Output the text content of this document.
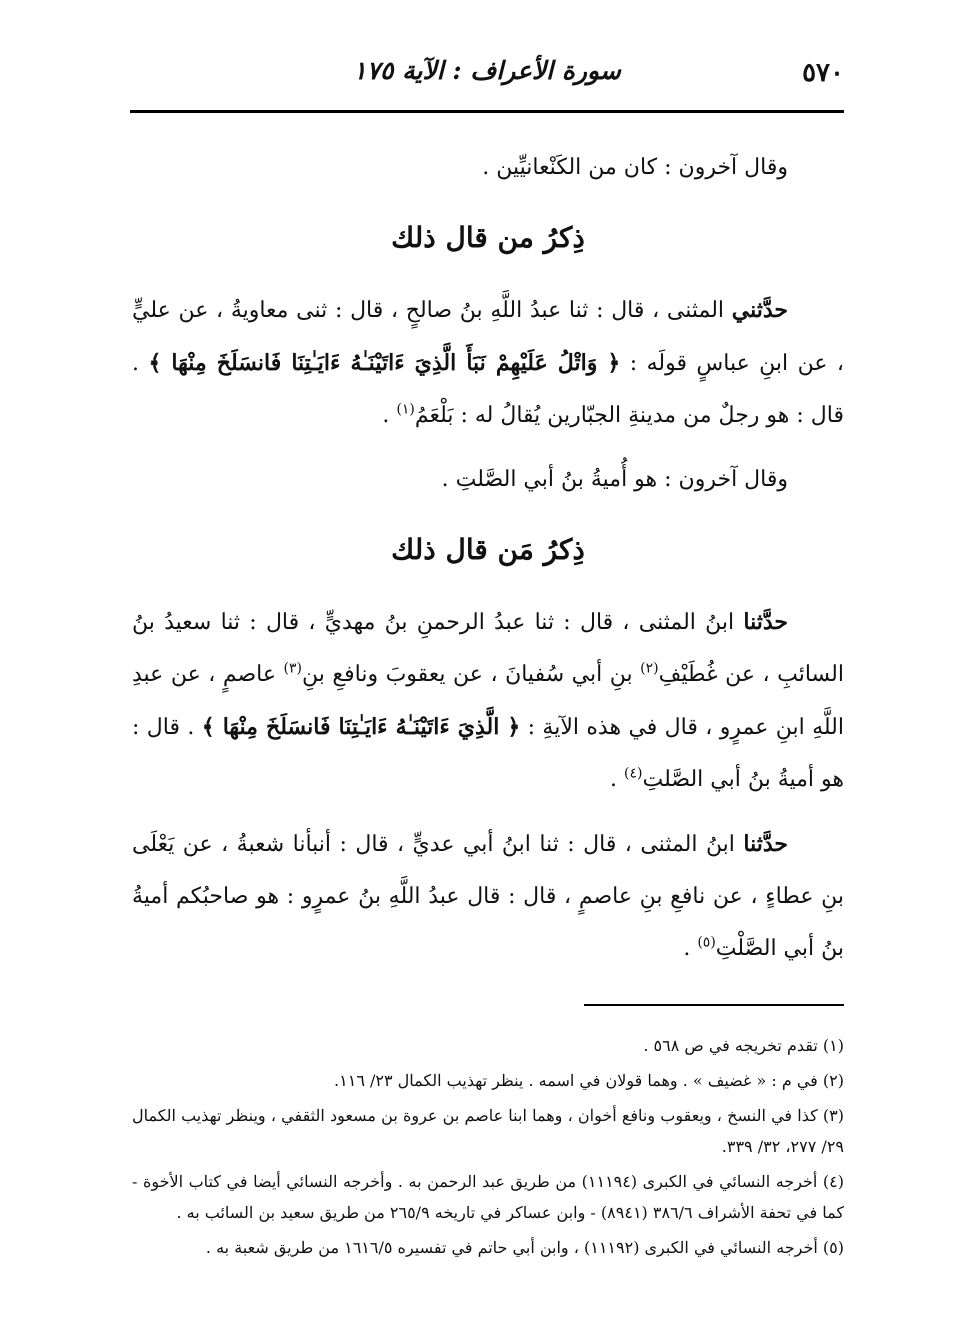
٥٧٠
سورة الأعراف : الآية ١٧٥

وقال آخرون : كان من الكَنْعانيِّين .

ذِكرُ من قال ذلك

حدَّثني المثنى ، قال : ثنا عبدُ اللَّهِ بنُ صالحٍ ، قال : ثنى معاويةُ ، عن عليٍّ ، عن ابنِ عباسٍ قولَه : ﴿ وَاتْلُ عَلَيْهِمْ نَبَأَ الَّذِيَ ءَاتَيْنَـٰهُ ءَايَـٰتِنَا فَانسَلَخَ مِنْهَا ﴾ . قال : هو رجلٌ من مدينةِ الجبّارين يُقالُ له : بَلْعَمُ$^{(١)}$ .

وقال آخرون : هو أُميةُ بنُ أبي الصَّلتِ .

ذِكرُ مَن قال ذلك

حدَّثنا ابنُ المثنى ، قال : ثنا عبدُ الرحمنِ بنُ مهديٍّ ، قال : ثنا سعيدُ بنُ السائبِ ، عن غُطَيْفِ$^{(٢)}$ بنِ أبي سُفيانَ ، عن يعقوبَ ونافعِ بنِ$^{(٣)}$ عاصمٍ ، عن عبدِ اللَّهِ ابنِ عمرٍو ، قال في هذه الآيةِ : ﴿ الَّذِيَ ءَاتَيْنَـٰهُ ءَايَـٰتِنَا فَانسَلَخَ مِنْهَا ﴾ . قال : هو أميةُ بنُ أبي الصَّلتِ$^{(٤)}$ .

حدَّثنا ابنُ المثنى ، قال : ثنا ابنُ أبي عديٍّ ، قال : أنبأنا شعبةُ ، عن يَعْلَى بنِ عطاءٍ ، عن نافعِ بنِ عاصمٍ ، قال : قال عبدُ اللَّهِ بنُ عمرٍو : هو صاحبُكم أميةُ بنُ أبي الصَّلْتِ$^{(٥)}$ .

(١) تقدم تخريجه في ص ٥٦٨ .

(٢) في م : « غضيف » . وهما قولان في اسمه . ينظر تهذيب الكمال ٢٣/ ١١٦.

(٣) كذا في النسخ ، ويعقوب ونافع أخوان ، وهما ابنا عاصم بن عروة بن مسعود الثقفي ، وينظر تهذيب الكمال ٢٩/ ٢٧٧، ٣٢/ ٣٣٩.

(٤) أخرجه النسائي في الكبرى (١١١٩٤) من طريق عبد الرحمن به . وأخرجه النسائي أيضا في كتاب الأخوة - كما في تحفة الأشراف ٣٨٦/٦ (٨٩٤١) - وابن عساكر في تاريخه ٢٦٥/٩ من طريق سعيد بن السائب به .

(٥) أخرجه النسائي في الكبرى (١١١٩٢) ، وابن أبي حاتم في تفسيره ١٦١٦/٥ من طريق شعبة به .
